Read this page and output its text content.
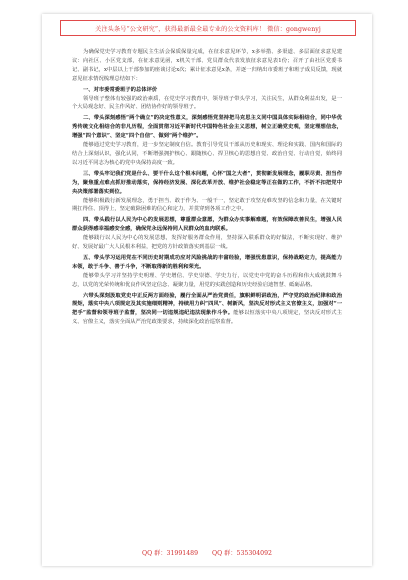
关注头条号“公文研究”，获得最新最全最专业的公文资料库！ 微信：gongwenyj

为确保党史学习教育专题民主生活会保质保量完成，在征求意见环节，x多举措、多渠道、多层面征求意见建议：向社区、小区党支部，在征求意见函，x机关干部、党员群众代表发放征求意见表1份；召开了由社区党委书记、副书记，x中层以上干部参加的座谈讨论x次；累计征求意见x条，并逐一归纳出市委班子和班子成员反馈，现就意见征求情况梳理总结如下：

一、对市委常委班子的总体评价

领导班子整体有较强的政治素质，在党史学习教育中，领导班子带头学习，关注民生，从群众利益出发，是一个大局观念好、民主作风好、团结协作好的领导班子。

二、带头深刻感悟“两个确立”的决定性意义，深刻感悟党坚持把马克思主义同中国具体实际相结合，同中华优秀传统文化相结合的非凡历程，全面贯彻习近平新时代中国特色社会主义思想，树立正确党史观，坚定理想信念，增强“四个意识”、坚定“四个自信”、做到“两个维护”。

能够通过党史学习教育，进一步坚定制度自信。教育引导党员干部从历史和现实、理论和实践、国内和国际的结合上深刻认识，强化认同，不断增强拥护核心、跟随核心、捍卫核心的思想自觉、政治自觉、行动自觉，始终同以习近平同志为核心的党中央保持高度一致。

三、带头牢记我们党是什么、要干什么这个根本问题，心怀“国之大者”，贯彻新发展理念，履职尽责、担当作为，聚焦重点难点抓好推动落实，保持经济发展、深化改革开放、维护社会稳定等正在做的工作，不折不扣把党中央决策部署落实到位。

能够积极践行新发展理念，勇于担当、敢于作为、一般干一，坚定敢于攻坚克难攻坚的信念和力量，在关键时期扛得住、顶得上，坚定破除困难的信心和定力，并贯穿到各项工作之中。

四、带头践行以人民为中心的发展思想，尊重群众意愿，为群众办实事解难题，有效保障改善民生，增强人民群众获得感幸福感安全感，确保党永远保持同人民群众的血肉联系。

能够践行以人民为中心的发展思想，发挥好服务群众作用，坚持深入联系群众的好做法，不断实现好、维护好、发展好最广大人民根本利益，把党的方针政策落实到基层一线。

五、带头学习运用党在不同历史时期成功应对风险挑战的丰富经验，增强忧患意识，保持战略定力，提高能力本领，敢于斗争、善于斗争，不断取得新的胜利和荣光。

能够带头学习并坚持学史明理、学史增信、学史崇德、学史力行，以党史中党的奋斗历程和伟大成就鼓舞斗志，以党的光荣传统和优良作风坚定信念、凝聚力量，用党的实践创造和历史经验启迪智慧、砥砺品格。

六带头深刻汲取党史中正反两方面经验，履行全面从严治党责任，旗帜鲜明讲政治，严守党的政治纪律和政治规矩，落实中央八项规定及其实施细则精神，持续用力纠“四风”、树新风，坚决反对形式主义官僚主义，加强对“一把手”监督和领导班子监督，坚决同一切违规违纪违法现象作斗争。能够以恒落实中央八项规定，坚决反对形式主义、官僚主义，落实全面从严治党政策要求，持续深化政治巡察监督。

QQ 群：31991489 QQ 群：535304092
